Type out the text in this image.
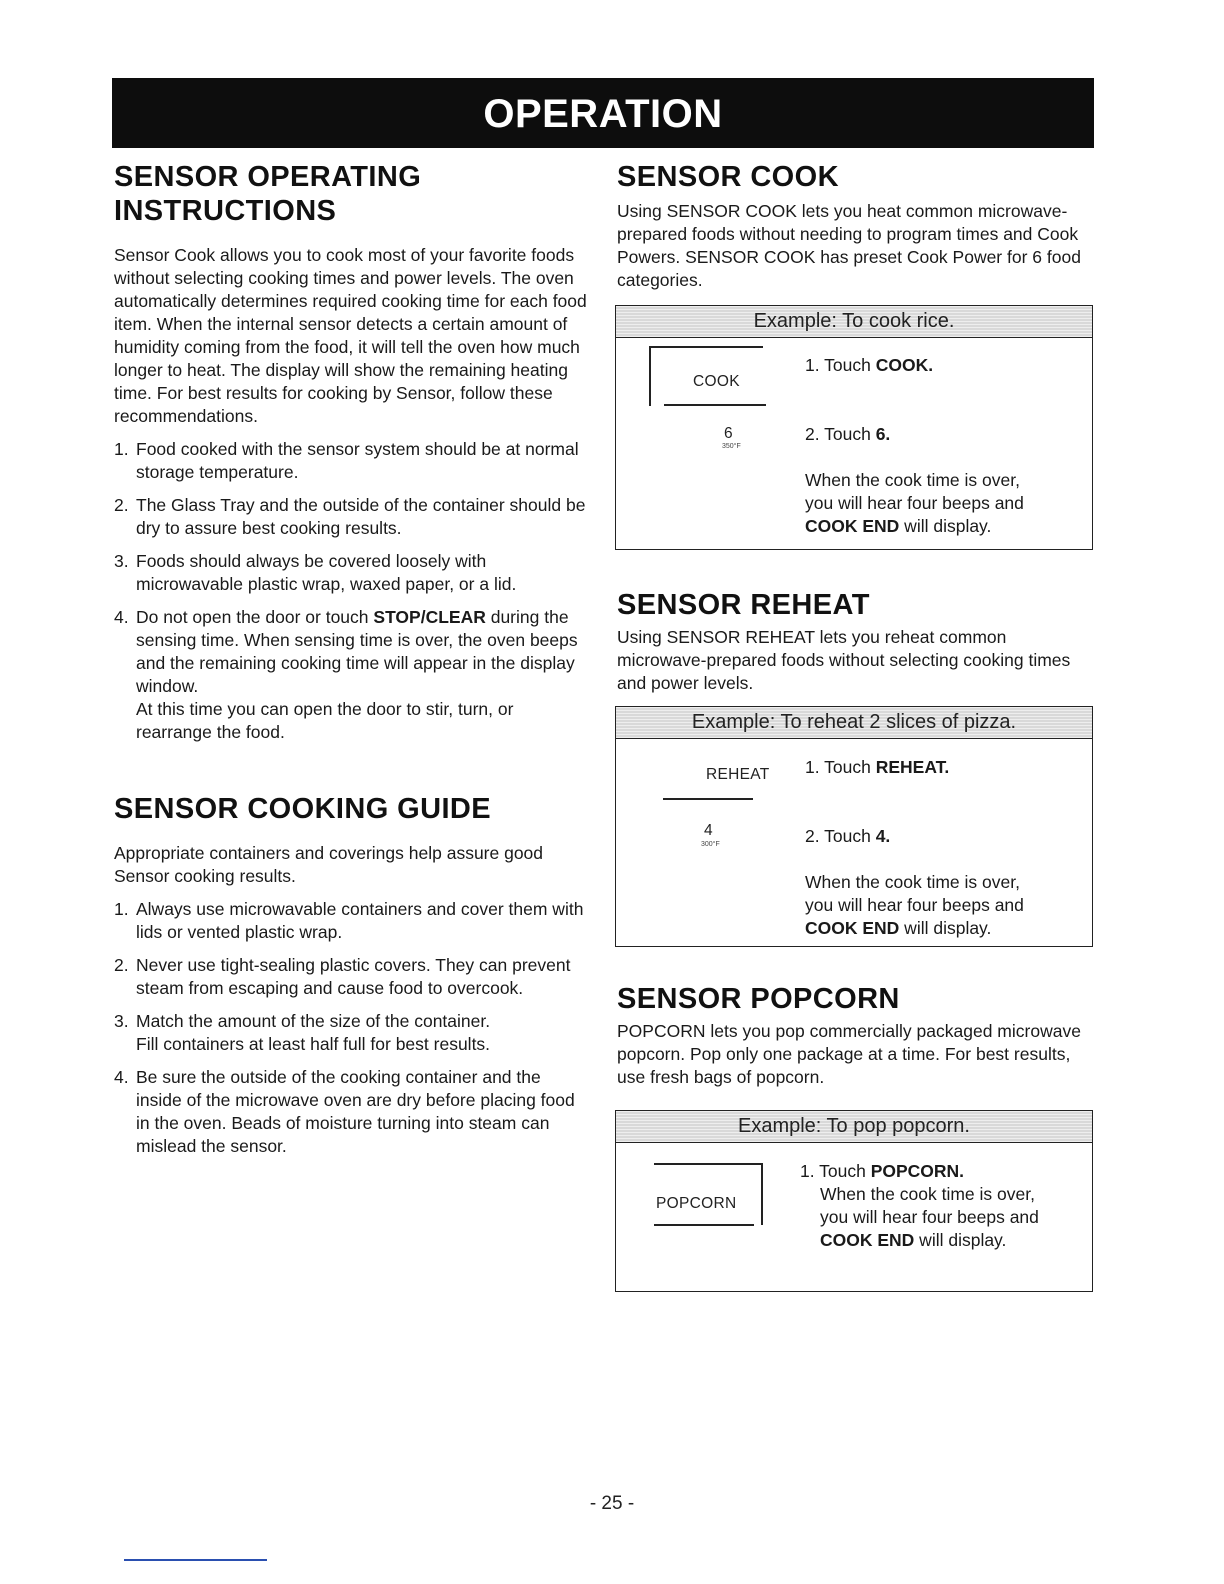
OPERATION
SENSOR OPERATING
INSTRUCTIONS

Sensor Cook allows you to cook most of your favorite foods without selecting cooking times and power levels. The oven automatically determines required cooking time for each food item. When the internal sensor detects a certain amount of humidity coming from the food, it will tell the oven how much longer to heat. The display will show the remaining heating time. For best results for cooking by Sensor, follow these recommendations.

1. Food cooked with the sensor system should be at normal storage temperature.
2. The Glass Tray and the outside of the container should be dry to assure best cooking results.
3. Foods should always be covered loosely with microwavable plastic wrap, waxed paper, or a lid.
4. Do not open the door or touch STOP/CLEAR during the sensing time. When sensing time is over, the oven beeps and the remaining cooking time will appear in the display window.
At this time you can open the door to stir, turn, or rearrange the food.
SENSOR COOKING GUIDE

Appropriate containers and coverings help assure good Sensor cooking results.

1. Always use microwavable containers and cover them with lids or vented plastic wrap.
2. Never use tight-sealing plastic covers. They can prevent steam from escaping and cause food to overcook.
3. Match the amount of the size of the container.
Fill containers at least half full for best results.
4. Be sure the outside of the cooking container and the inside of the microwave oven are dry before placing food in the oven. Beads of moisture turning into steam can mislead the sensor.
SENSOR COOK

Using SENSOR COOK lets you heat common microwave-prepared foods without needing to program times and Cook Powers. SENSOR COOK has preset Cook Power for 6 food categories.

Example: To cook rice.
COOK
6
350°F
1. Touch COOK.
2. Touch 6.
When the cook time is over,
you will hear four beeps and
COOK END will display.
SENSOR REHEAT

Using SENSOR REHEAT lets you reheat common microwave-prepared foods without selecting cooking times and power levels.

Example: To reheat 2 slices of pizza.
REHEAT
4
300°F
1. Touch REHEAT.
2. Touch 4.
When the cook time is over,
you will hear four beeps and
COOK END will display.
SENSOR POPCORN

POPCORN lets you pop commercially packaged microwave popcorn. Pop only one package at a time. For best results, use fresh bags of popcorn.

Example: To pop popcorn.
POPCORN
1. Touch POPCORN.
When the cook time is over,
you will hear four beeps and
COOK END will display.
- 25 -
